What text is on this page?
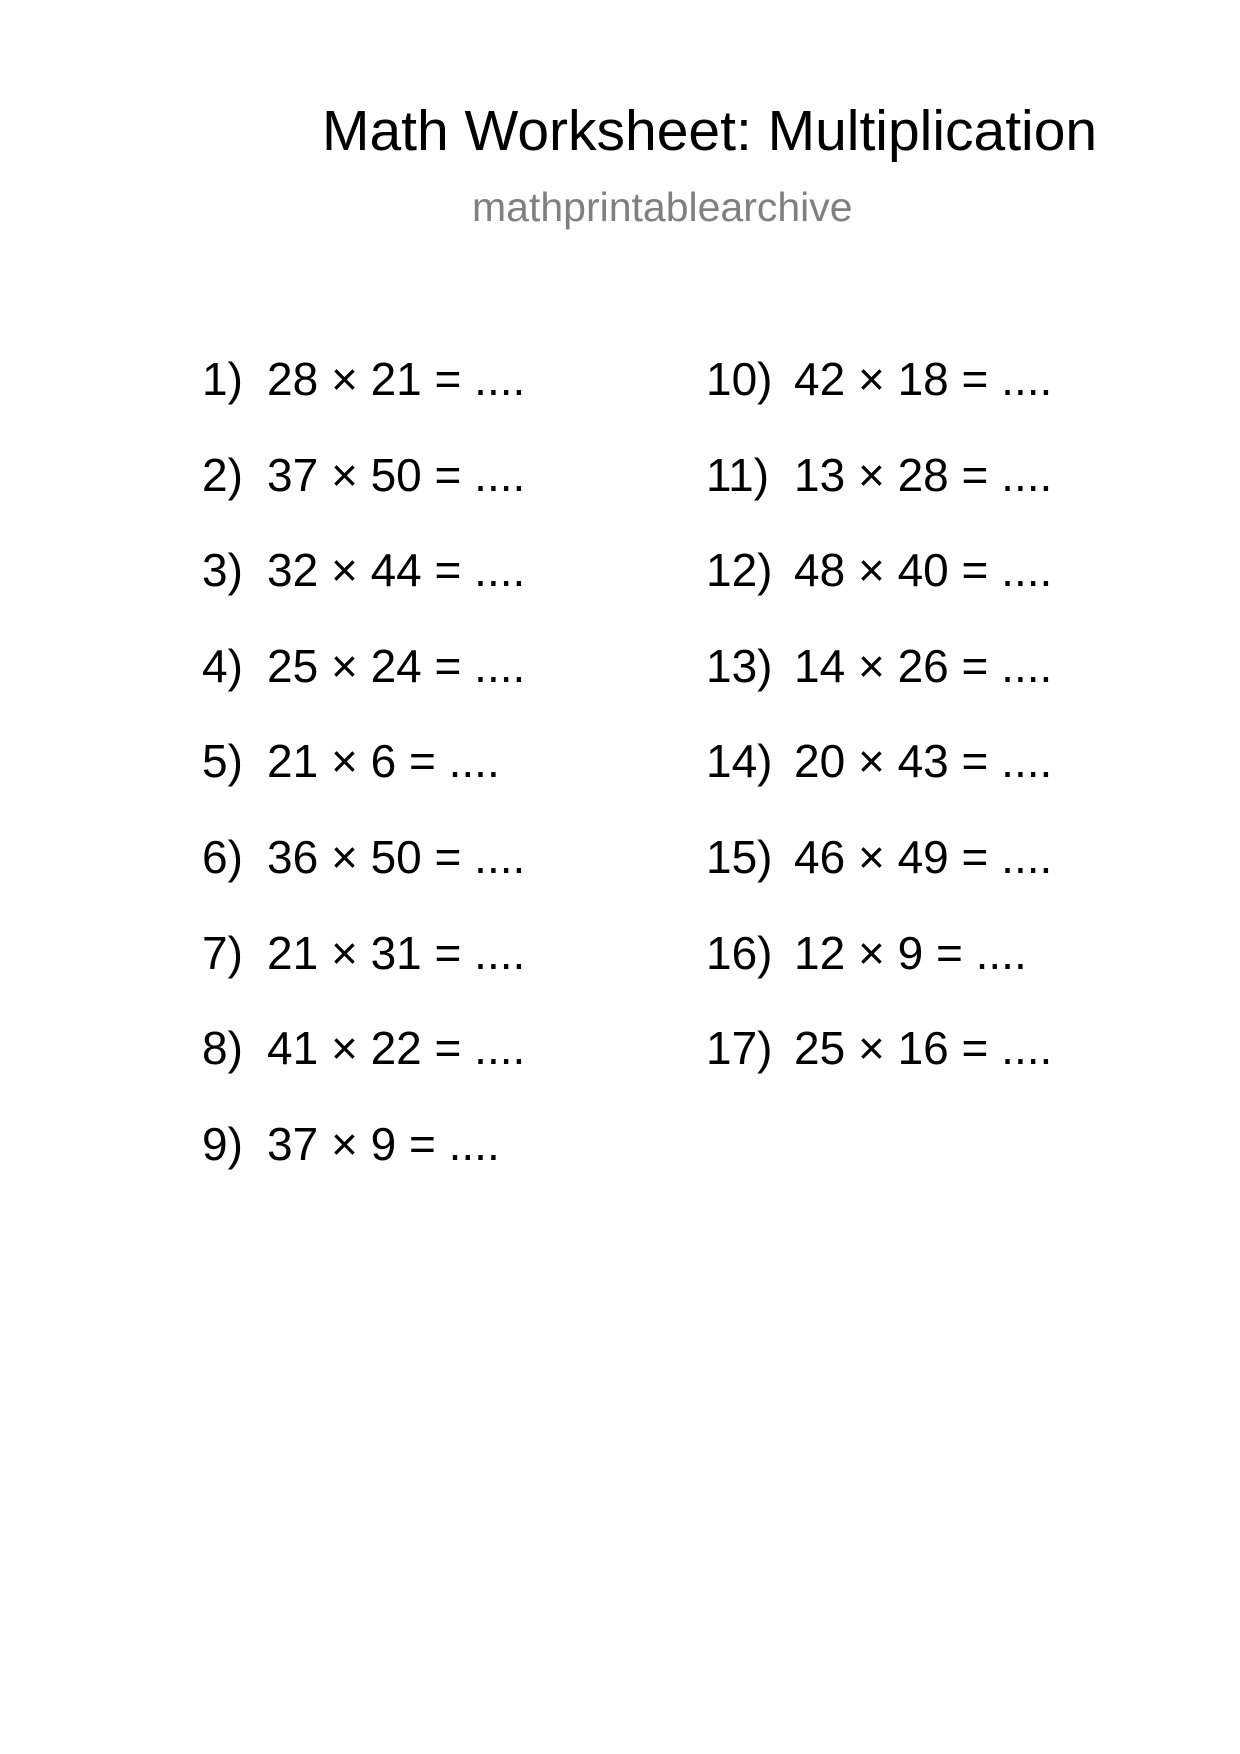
Math Worksheet: Multiplication
mathprintablearchive
1) 28 × 21 = ....
2) 37 × 50 = ....
3) 32 × 44 = ....
4) 25 × 24 = ....
5) 21 × 6 = ....
6) 36 × 50 = ....
7) 21 × 31 = ....
8) 41 × 22 = ....
9) 37 × 9 = ....
10) 42 × 18 = ....
11) 13 × 28 = ....
12) 48 × 40 = ....
13) 14 × 26 = ....
14) 20 × 43 = ....
15) 46 × 49 = ....
16) 12 × 9 = ....
17) 25 × 16 = ....
